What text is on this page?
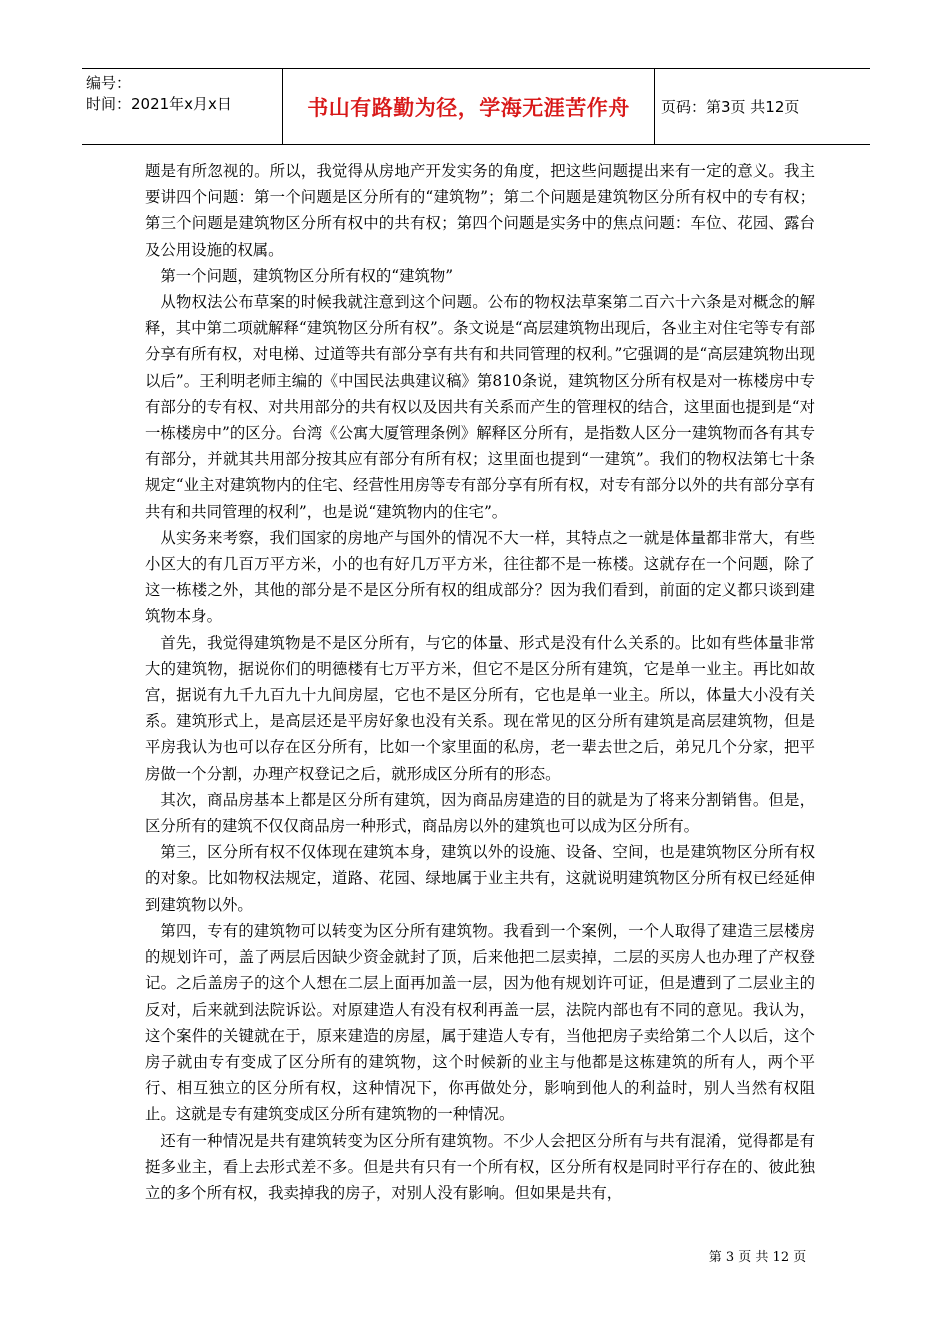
编号：
时间：2021年x月x日	书山有路勤为径，学海无涯苦作舟 页码：第3页 共12页

题是有所忽视的。所以，我觉得从房地产开发实务的角度，把这些问题提出来有一定的意义。我主要讲四个问题：第一个问题是区分所有的“建筑物”；第二个问题是建筑物区分所有权中的专有权；第三个问题是建筑物区分所有权中的共有权；第四个问题是实务中的焦点问题：车位、花园、露台及公用设施的权属。

第一个问题，建筑物区分所有权的“建筑物”

从物权法公布草案的时候我就注意到这个问题。公布的物权法草案第二百六十六条是对概念的解释，其中第二项就解释“建筑物区分所有权”。条文说是“高层建筑物出现后，各业主对住宅等专有部分享有所有权，对电梯、过道等共有部分享有共有和共同管理的权利。”它强调的是“高层建筑物出现以后”。王利明老师主编的《中国民法典建议稿》第810条说，建筑物区分所有权是对一栋楼房中专有部分的专有权、对共用部分的共有权以及因共有关系而产生的管理权的结合，这里面也提到是“对一栋楼房中”的区分。台湾《公寓大厦管理条例》解释区分所有，是指数人区分一建筑物而各有其专有部分，并就其共用部分按其应有部分有所有权；这里面也提到“一建筑”。我们的物权法第七十条规定“业主对建筑物内的住宅、经营性用房等专有部分享有所有权，对专有部分以外的共有部分享有共有和共同管理的权利”，也是说“建筑物内的住宅”。

从实务来考察，我们国家的房地产与国外的情况不大一样，其特点之一就是体量都非常大，有些小区大的有几百万平方米，小的也有好几万平方米，往往都不是一栋楼。这就存在一个问题，除了这一栋楼之外，其他的部分是不是区分所有权的组成部分？因为我们看到，前面的定义都只谈到建筑物本身。

首先，我觉得建筑物是不是区分所有，与它的体量、形式是没有什么关系的。比如有些体量非常大的建筑物，据说你们的明德楼有七万平方米，但它不是区分所有建筑，它是单一业主。再比如故宫，据说有九千九百九十九间房屋，它也不是区分所有，它也是单一业主。所以，体量大小没有关系。建筑形式上，是高层还是平房好象也没有关系。现在常见的区分所有建筑是高层建筑物，但是平房我认为也可以存在区分所有，比如一个家里面的私房，老一辈去世之后，弟兄几个分家，把平房做一个分割，办理产权登记之后，就形成区分所有的形态。

其次，商品房基本上都是区分所有建筑，因为商品房建造的目的就是为了将来分割销售。但是，区分所有的建筑不仅仅商品房一种形式，商品房以外的建筑也可以成为区分所有。

第三，区分所有权不仅体现在建筑本身，建筑以外的设施、设备、空间，也是建筑物区分所有权的对象。比如物权法规定，道路、花园、绿地属于业主共有，这就说明建筑物区分所有权已经延伸到建筑物以外。

第四，专有的建筑物可以转变为区分所有建筑物。我看到一个案例，一个人取得了建造三层楼房的规划许可，盖了两层后因缺少资金就封了顶，后来他把二层卖掉，二层的买房人也办理了产权登记。之后盖房子的这个人想在二层上面再加盖一层，因为他有规划许可证，但是遭到了二层业主的反对，后来就到法院诉讼。对原建造人有没有权利再盖一层，法院内部也有不同的意见。我认为，这个案件的关键就在于，原来建造的房屋，属于建造人专有，当他把房子卖给第二个人以后，这个房子就由专有变成了区分所有的建筑物，这个时候新的业主与他都是这栋建筑的所有人，两个平行、相互独立的区分所有权，这种情况下，你再做处分，影响到他人的利益时，别人当然有权阻止。这就是专有建筑变成区分所有建筑物的一种情况。

还有一种情况是共有建筑转变为区分所有建筑物。不少人会把区分所有与共有混淆，觉得都是有挺多业主，看上去形式差不多。但是共有只有一个所有权，区分所有权是同时平行存在的、彼此独立的多个所有权，我卖掉我的房子，对别人没有影响。但如果是共有，

第 3 页 共 12 页
